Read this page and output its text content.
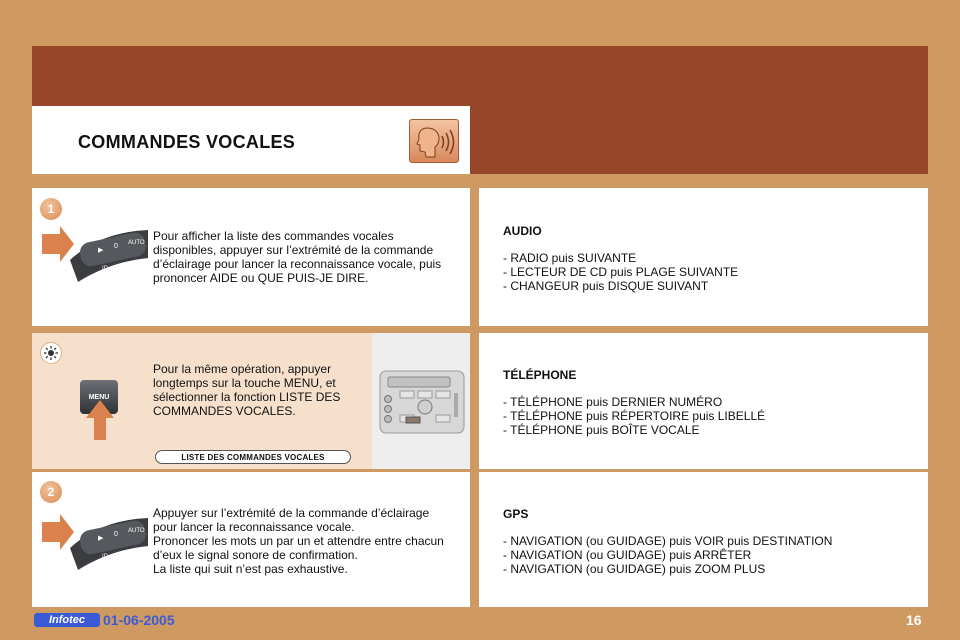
COMMANDES VOCALES
1
▶
0 AUTO
ID
Pour afficher la liste des commandes vocales disponibles, appuyer sur l’extrémité de la commande d’éclairage pour lancer la reconnaissance vocale, puis prononcer AIDE ou QUE PUIS-JE DIRE.
MENU
Pour la même opération, appuyer longtemps sur la touche MENU, et sélectionner la fonction LISTE DES COMMANDES VOCALES.
LISTE DES COMMANDES VOCALES
2
▶
0 AUTO
ID
Appuyer sur l’extrémité de la commande d’éclairage
pour lancer la reconnaissance vocale.
Prononcer les mots un par un et attendre entre chacun
d’eux le signal sonore de confirmation.
La liste qui suit n’est pas exhaustive.
AUDIO
- RADIO puis SUIVANTE
- LECTEUR DE CD puis PLAGE SUIVANTE
- CHANGEUR puis DISQUE SUIVANT
TÉLÉPHONE
- TÉLÉPHONE puis DERNIER NUMÉRO
- TÉLÉPHONE puis RÉPERTOIRE puis LIBELLÉ
- TÉLÉPHONE puis BOÎTE VOCALE
GPS
- NAVIGATION (ou GUIDAGE) puis VOIR puis DESTINATION
- NAVIGATION (ou GUIDAGE) puis ARRÊTER
- NAVIGATION (ou GUIDAGE) puis ZOOM PLUS
Infotec	01-06-2005	16
